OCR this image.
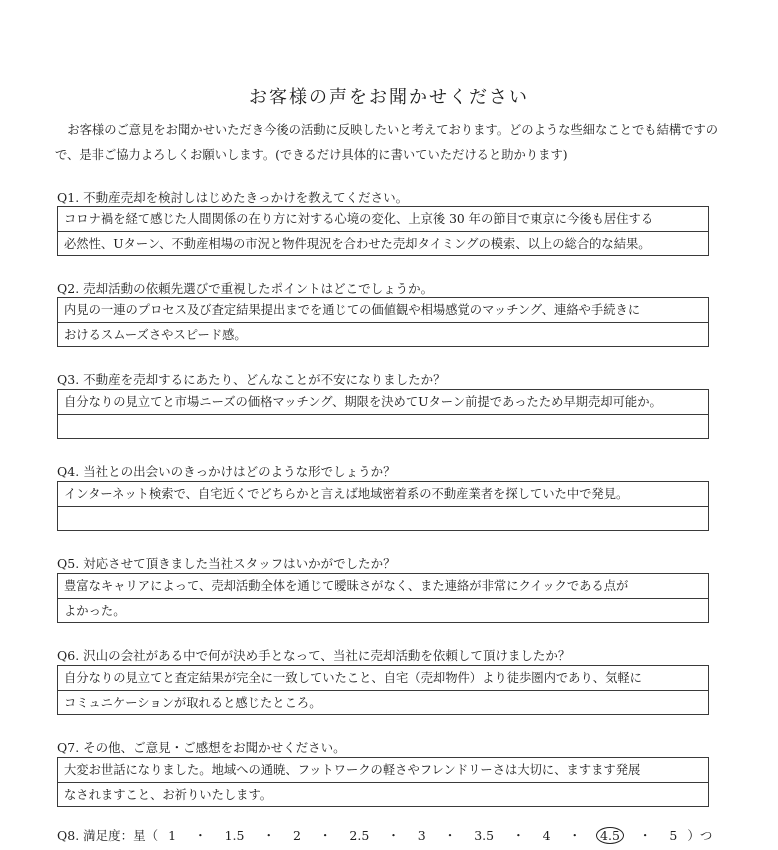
お客様の声をお聞かせください
お客様のご意見をお聞かせいただき今後の活動に反映したいと考えております。どのような些細なことでも結構ですので、是非ご協力よろしくお願いします。(できるだけ具体的に書いていただけると助かります)
Q1. 不動産売却を検討しはじめたきっかけを教えてください。
コロナ禍を経て感じた人間関係の在り方に対する心境の変化、上京後 30 年の節目で東京に今後も居住する
必然性、Uターン、不動産相場の市況と物件現況を合わせた売却タイミングの模索、以上の総合的な結果。
Q2. 売却活動の依頼先選びで重視したポイントはどこでしょうか。
内見の一連のプロセス及び査定結果提出までを通じての価値観や相場感覚のマッチング、連絡や手続きに
おけるスムーズさやスピード感。
Q3. 不動産を売却するにあたり、どんなことが不安になりましたか？
自分なりの見立てと市場ニーズの価格マッチング、期限を決めてUターン前提であったため早期売却可能か。
Q4. 当社との出会いのきっかけはどのような形でしょうか？
インターネット検索で、自宅近くでどちらかと言えば地域密着系の不動産業者を探していた中で発見。
Q5. 対応させて頂きました当社スタッフはいかがでしたか？
豊富なキャリアによって、売却活動全体を通じて曖昧さがなく、また連絡が非常にクイックである点が
よかった。
Q6. 沢山の会社がある中で何が決め手となって、当社に売却活動を依頼して頂けましたか？
自分なりの見立てと査定結果が完全に一致していたこと、自宅（売却物件）より徒歩圏内であり、気軽に
コミュニケーションが取れると感じたところ。
Q7. その他、ご意見・ご感想をお聞かせください。
大変お世話になりました。地域への通暁、フットワークの軽さやフレンドリーさは大切に、ますます発展
なされますこと、お祈りいたします。
Q8. 満足度：星（ 1 ・ 1.5 ・ 2 ・ 2.5 ・ 3 ・ 3.5 ・ 4 ・ 4.5 ・ 5 ）つ
